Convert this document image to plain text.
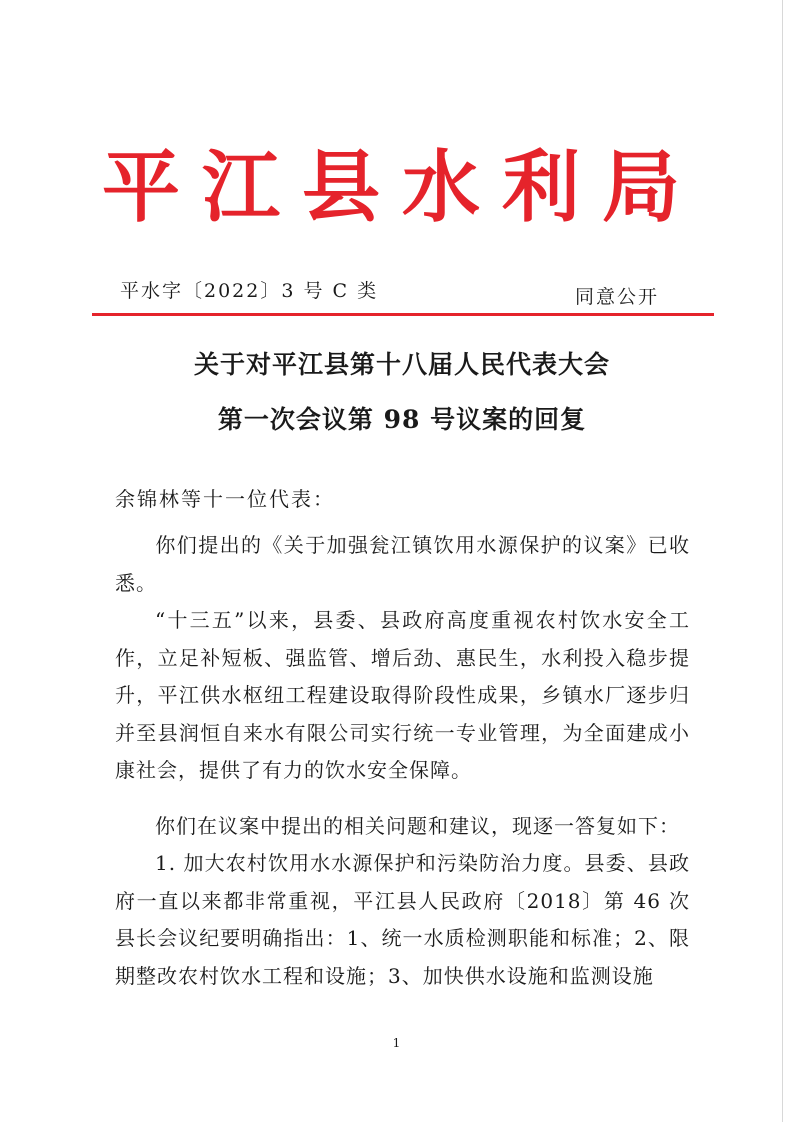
平江县水利局
平水字〔2022〕3 号 C 类	同意公开
关于对平江县第十八届人民代表大会
第一次会议第 98 号议案的回复
余锦林等十一位代表：
你们提出的《关于加强瓮江镇饮用水源保护的议案》已收悉。
“十三五”以来，县委、县政府高度重视农村饮水安全工作，立足补短板、强监管、增后劲、惠民生，水利投入稳步提升，平江供水枢纽工程建设取得阶段性成果，乡镇水厂逐步归并至县润恒自来水有限公司实行统一专业管理，为全面建成小康社会，提供了有力的饮水安全保障。
你们在议案中提出的相关问题和建议，现逐一答复如下：
1. 加大农村饮用水水源保护和污染防治力度。县委、县政府一直以来都非常重视，平江县人民政府〔2018〕第 46 次县长会议纪要明确指出：1、统一水质检测职能和标准；2、限期整改农村饮水工程和设施；3、加快供水设施和监测设施
1
